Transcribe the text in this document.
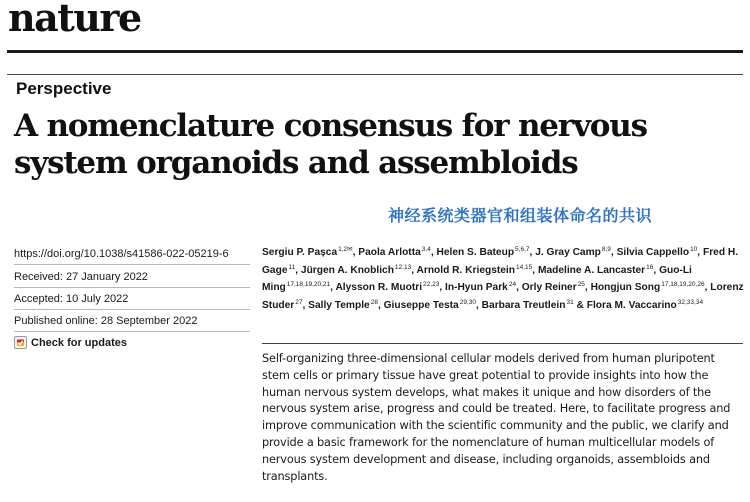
nature
Perspective
A nomenclature consensus for nervous
system organoids and assembloids
神经系统类器官和组装体命名的共识
https://doi.org/10.1038/s41586-022-05219-6
Received: 27 January 2022
Accepted: 10 July 2022
Published online: 28 September 2022
Check for updates
Sergiu P. Pașca$^{1,2✉}$, Paola Arlotta$^{3,4}$, Helen S. Bateup$^{5,6,7}$, J. Gray Camp$^{8,9}$, Silvia Cappello$^{10}$, Fred H. Gage$^{11}$, Jürgen A. Knoblich$^{12,13}$, Arnold R. Kriegstein$^{14,15}$, Madeline A. Lancaster$^{16}$, Guo-Li Ming$^{17,18,19,20,21}$, Alysson R. Muotri$^{22,23}$, In-Hyun Park$^{24}$, Orly Reiner$^{25}$, Hongjun Song$^{17,18,19,20,26}$, Lorenz Studer$^{27}$, Sally Temple$^{28}$, Giuseppe Testa$^{29,30}$, Barbara Treutlein$^{31}$ & Flora M. Vaccarino$^{32,33,34}$
Self-organizing three-dimensional cellular models derived from human pluripotent
stem cells or primary tissue have great potential to provide insights into how the
human nervous system develops, what makes it unique and how disorders of the
nervous system arise, progress and could be treated. Here, to facilitate progress and
improve communication with the scientific community and the public, we clarify and
provide a basic framework for the nomenclature of human multicellular models of
nervous system development and disease, including organoids, assembloids and
transplants.
